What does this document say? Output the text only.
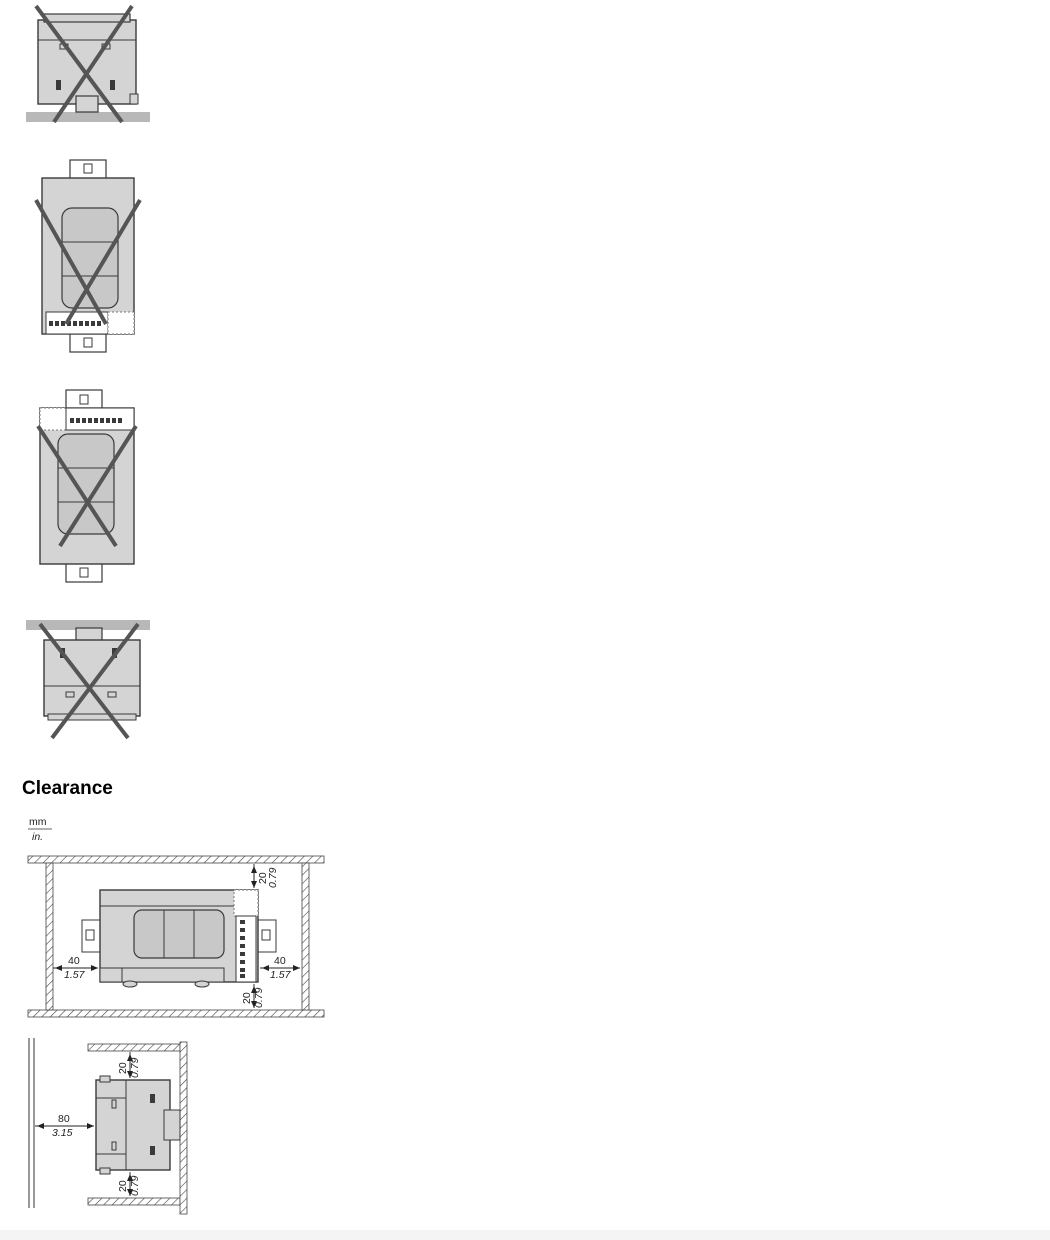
Clearance
mm
in.
40
1.57
40
1.57
20
0.79
20 0.79
80
3.15
20 0.79
20 0.79
